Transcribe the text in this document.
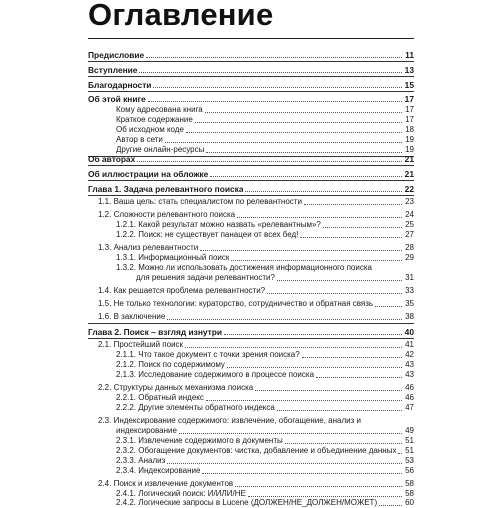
Оглавление
Предисловие	11
Вступление	13
Благодарности	15
Об этой книге	17
Кому адресована книга	17
Краткое содержание	17
Об исходном коде	18
Автор в сети	19
Другие онлайн-ресурсы	19
Об авторах	21
Об иллюстрации на обложке	21
Глава 1. Задача релевантного поиска	22
1.1. Ваша цель: стать специалистом по релевантности	23
1.2. Сложности релевантного поиска	24
1.2.1. Какой результат можно назвать «релевантным»?	25
1.2.2. Поиск: не существует панацеи от всех бед!	27
1.3. Анализ релевантности	28
1.3.1. Информационный поиск	29
1.3.2. Можно ли использовать достижения информационного поиска
для решения задачи релевантности?	31
1.4. Как решается проблема релевантности?	33
1.5. Не только технологии: кураторство, сотрудничество и обратная связь	35
1.6. В заключение	38
Глава 2. Поиск – взгляд изнутри	40
2.1. Простейший поиск	41
2.1.1. Что такое документ с точки зрения поиска?	42
2.1.2. Поиск по содержимому	43
2.1.3. Исследование содержимого в процессе поиска	43
2.2. Структуры данных механизма поиска	46
2.2.1. Обратный индекс	46
2.2.2. Другие элементы обратного индекса	47
2.3. Индексирование содержимого: извлечение, обогащение, анализ и
индексирование	49
2.3.1. Извлечение содержимого в документы	51
2.3.2. Обогащение документов: чистка, добавление и объединение данных 51
2.3.3. Анализ	53
2.3.4. Индексирование	56
2.4. Поиск и извлечение документов	58
2.4.1. Логический поиск: И/ИЛИ/НЕ	58
2.4.2. Логические запросы в Lucene (ДОЛЖЕН/НЕ_ДОЛЖЕН/МОЖЕТ)	60
